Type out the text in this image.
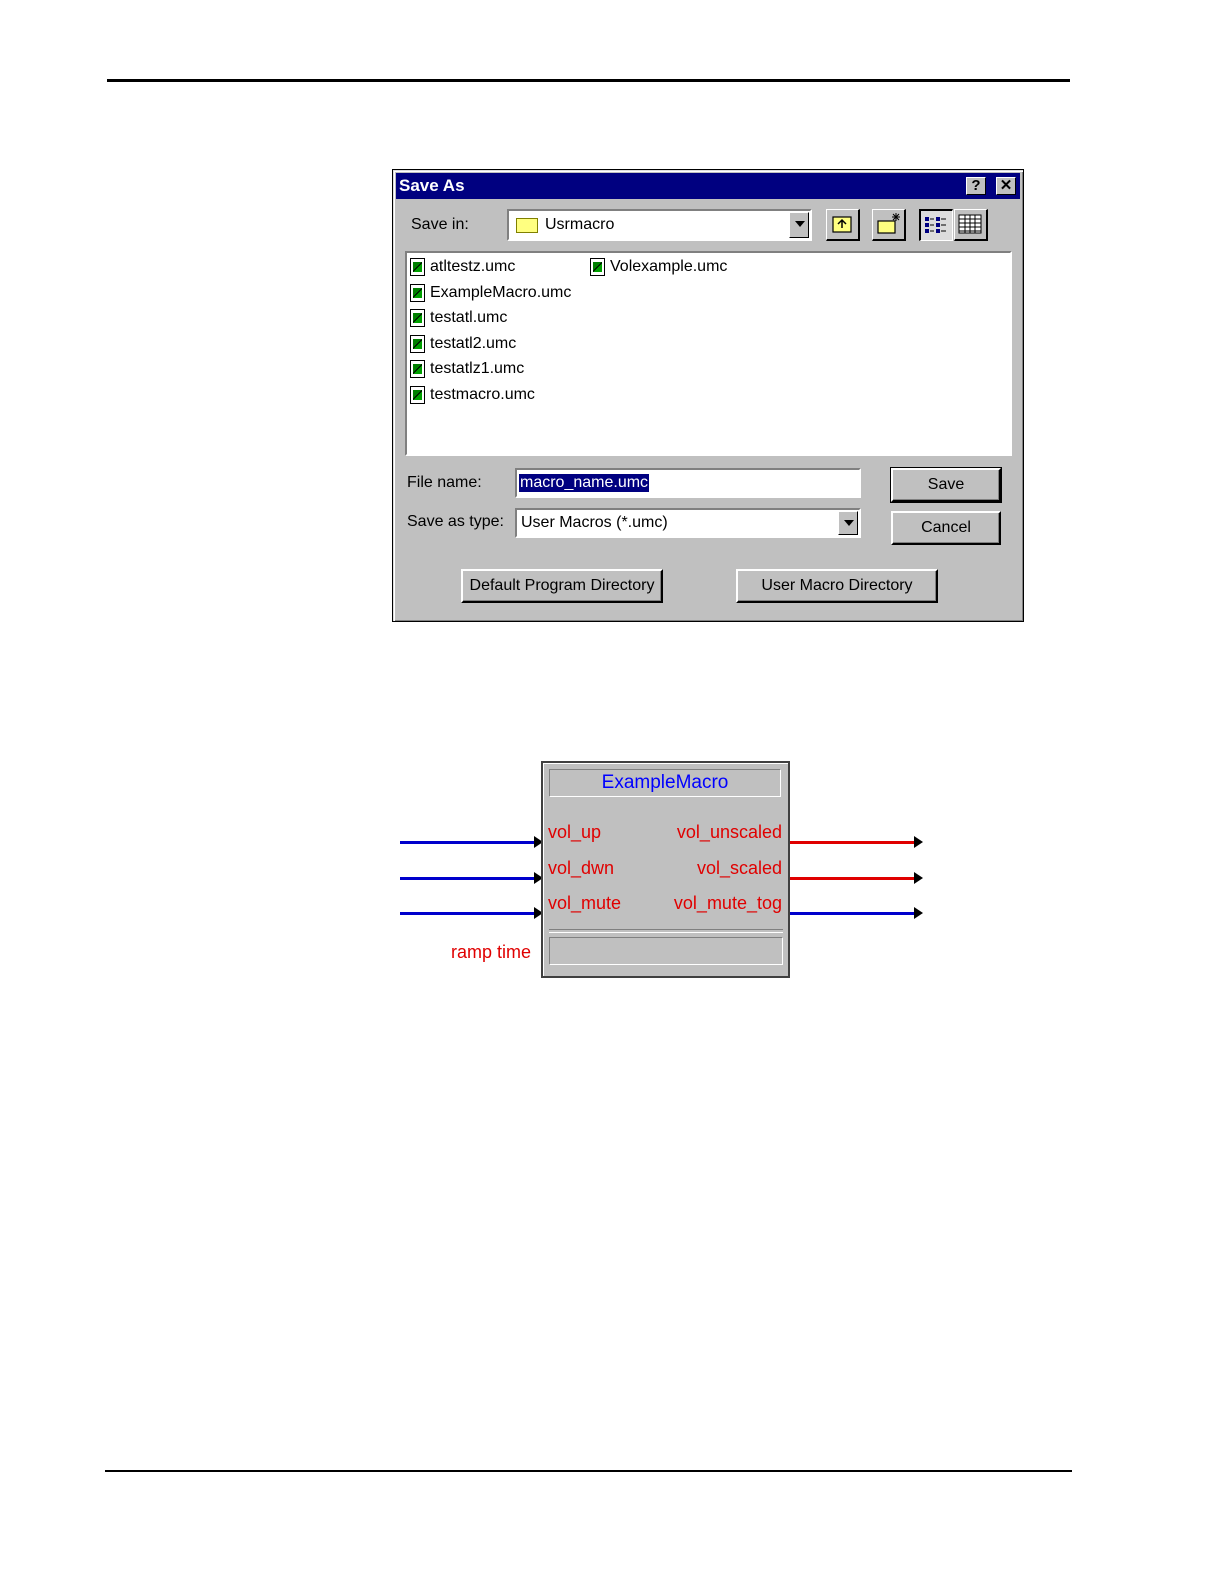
Save As	?	✕
Save in:	Usrmacro
atltestz.umc
ExampleMacro.umc
testatl.umc
testatl2.umc
testatlz1.umc
testmacro.umc
Volexample.umc
File name: macro_name.umc
Save as type: User Macros (*.umc)
Save
Cancel
Default Program Directory	User Macro Directory
ramp time
ExampleMacro
vol_up
vol_dwn
vol_mute
vol_unscaled
vol_scaled
vol_mute_tog
